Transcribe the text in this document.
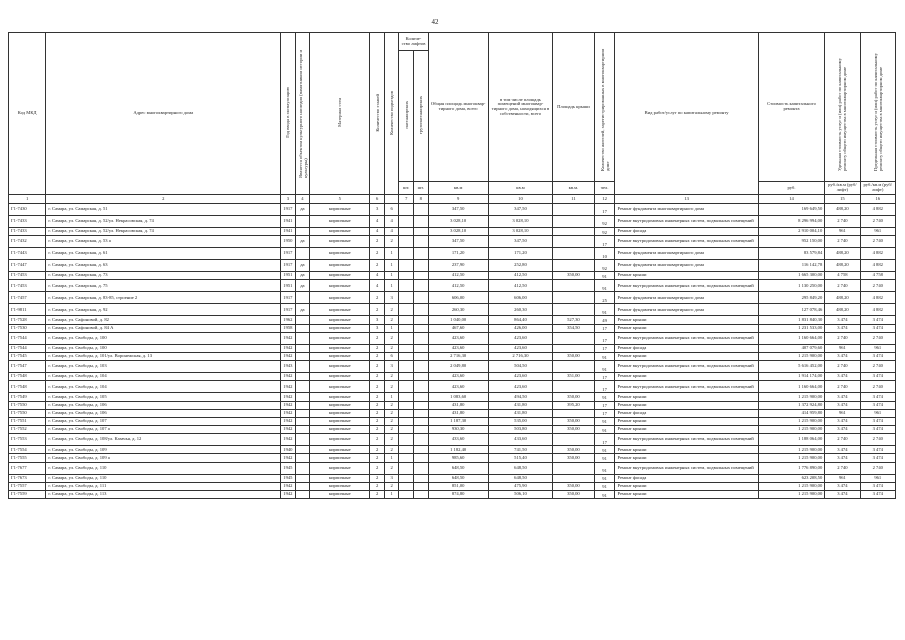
42
Код МКД	Адрес многоквартирного дома	Год ввода в эксплуатацию	Является объектом культурного наследия (памятником истории и культуры)	Материал стен	Количество этажей	Количество подъездов	Количе-ство лифтов		Общая площадь многоквар-тирного дома, всего	в том числе площадь помещений многоквар-тирного дома, находящихся в собственности, всего	Площадь крыши	Количество жителей, зарегистрированных в многоквартирном доме	Вид работ/услуг по капитальному ремонту	Стоимость капитального ремонта	Удельная стоимость услуг и (или) работ по капитальному ремонту общего имущества в многоквартирном доме	Предельная стоимость услуг и (или) работ по капитальному ремонту общего имущества в многоквартирном доме
							пассажирских	грузопассажирских								
							шт.	шт.	кв.м	кв.м	кв.м.	чел.		руб.	руб./кв.м (руб/лифт)	руб./кв.м (руб/лифт)
1	2	3	4	5	6		7	8	9	10	11	12	13	14	15	16
Г1-7430	г. Самара, ул. Самарская, д. 51	1917	да	кирпичные	3	6			347,50	347,50		17	Ремонт фундамента многоквартирного дома	169 649,50	488,20	4 882
Г1-7433	г. Самара, ул. Самарская, д. 52/ул. Некрасовская, д. 74	1941		кирпичные	4	4			3 028,10	3 028,10		92	Ремонт внутридомовых инженерных систем, подвальных помещений	8 296 994,00	2 740	2 740
Г1-7433	г. Самара, ул. Самарская, д. 52/ул. Некрасовская, д. 74	1941		кирпичные	4	4			3 028,10	3 028,10		92	Ремонт фасада	2 910 004,10	961	961
Г1-7432	г. Самара, ул. Самарская, д. 53 а	1950	да	кирпичные	2	2			347,50	347,50		17	Ремонт внутридомовых инженерных систем, подвальных помещений	952 150,00	2 740	2 740
Г1-7443	г. Самара, ул. Самарская, д. 61	1917		кирпичные	2	1			171,20	171,20		10	Ремонт фундамента многоквартирного дома	83 579,84	488,20	4 882
Г1-7447	г. Самара, ул. Самарская, д. 63	1917	да	кирпичные	2	1			237,90	252,80		92	Ремонт фундамента многоквартирного дома	116 142,78	488,20	4 882
Г1-7453	г. Самара, ул. Самарская, д. 73	1951	да	кирпичные	4	1			412,50	412,50	350,00	91	Ремонт крыши	1 665 300,00	4 758	4 758
Г1-7453	г. Самара, ул. Самарская, д. 75	1951	да	кирпичные	4	1			412,50	412,50		91	Ремонт внутридомовых инженерных систем, подвальных помещений	1 130 250,00	2 740	2 740
Г1-7457	г. Самара, ул. Самарская, д. 83-85, строение 2	1917		кирпичные	2	3			606,00	606,00		25	Ремонт фундамента многоквартирного дома	295 849,20	488,20	4 882
Г1-9811	г. Самара, ул. Самарская, д. 92	1917	да	кирпичные	2	2			260,30	260,30		91	Ремонт фундамента многоквартирного дома	127 078,46	488,20	4 882
Г1-7528	г. Самара, ул. Сафоновой, д. 82	1962		кирпичные	3	2			1 040,00	864,40	527,30	49	Ремонт крыши	1 831 840,30	3 474	3 474
Г1-7530	г. Самара, ул. Сафоновой, д. 84 А	1958		кирпичные	3	1			467,60	426,00	354,50	17	Ремонт крыши	1 231 533,00	3 474	3 474
Г1-7544	г. Самара, ул. Свободы, д. 100	1942		кирпичные	2	2			423,60	423,60		17	Ремонт внутридомовых инженерных систем, подвальных помещений	1 160 664,00	2 740	2 740
Г1-7544	г. Самара, ул. Свободы, д. 100	1942		кирпичные	2	2			423,60	423,60		17	Ремонт фасада	407 079,60	961	961
Г1-7545	г. Самара, ул. Свободы, д. 101/ул. Воронежская, д. 13	1942		кирпичные	2	6			2 716,30	2 716,30	350,00	91	Ремонт крыши	1 215 900,00	3 474	3 474
Г1-7547	г. Самара, ул. Свободы, д. 103	1943		кирпичные	2	3			2 049,80	504,50		91	Ремонт внутридомовых инженерных систем, подвальных помещений	5 616 452,00	2 740	2 740
Г1-7548	г. Самара, ул. Свободы, д. 104	1942		кирпичные	2	2			423,60	423,60	351,00	17	Ремонт крыши	1 914 174,00	3 474	3 474
Г1-7548	г. Самара, ул. Свободы, д. 104	1942		кирпичные	2	2			423,60	423,60		17	Ремонт внутридомовых инженерных систем, подвальных помещений	1 160 664,00	2 740	2 740
Г1-7549	г. Самара, ул. Свободы, д. 105	1942		кирпичные	2	1			1 083,60	494,50	350,00	91	Ремонт крыши	1 215 900,00	3 474	3 474
Г1-7550	г. Самара, ул. Свободы, д. 106	1942		кирпичные	2	2			431,80	431,80	395,20	17	Ремонт крыши	1 372 924,80	3 474	3 474
Г1-7550	г. Самара, ул. Свободы, д. 106	1942		кирпичные	2	2			431,80	431,80		17	Ремонт фасада	414 959,80	961	961
Г1-7551	г. Самара, ул. Свободы, д. 107	1942		кирпичные	2	2			1 187,30	535,00	350,00	91	Ремонт крыши	1 215 900,00	3 474	3 474
Г1-7552	г. Самара, ул. Свободы, д. 107 а	1942		кирпичные	2	2			930,30	503,80	350,00	91	Ремонт крыши	1 215 900,00	3 474	3 474
Г1-7553	г. Самара, ул. Свободы, д. 108/ул. Казачья, д. 12	1942		кирпичные	2	2			433,60	433,60		17	Ремонт внутридомовых инженерных систем, подвальных помещений	1 188 064,00	2 740	2 740
Г1-7554	г. Самара, ул. Свободы, д. 109	1940		кирпичные	2	2			1 182,40	741,50	350,00	91	Ремонт крыши	1 215 900,00	3 474	3 474
Г1-7555	г. Самара, ул. Свободы, д. 109 а	1942		кирпичные	2	1			985,60	515,40	350,00	91	Ремонт крыши	1 215 900,00	3 474	3 474
Г1-7677	г. Самара, ул. Свободы, д. 110	1945		кирпичные	2	2			648,50	648,50		91	Ремонт внутридомовых инженерных систем, подвальных помещений	1 776 890,00	2 740	2 740
Г1-7673	г. Самара, ул. Свободы, д. 110	1945		кирпичные	2	3			648,50	648,50		91	Ремонт фасада	623 208,50	961	961
Г1-7557	г. Самара, ул. Свободы, д. 111	1942		кирпичные	2	2			851,00	475,90	350,00	91	Ремонт крыши	1 215 900,00	3 474	3 474
Г1-7559	г. Самара, ул. Свободы, д. 113	1942		кирпичные	2	1			874,80	506,10	350,00	91	Ремонт крыши	1 215 900,00	3 474	3 474
